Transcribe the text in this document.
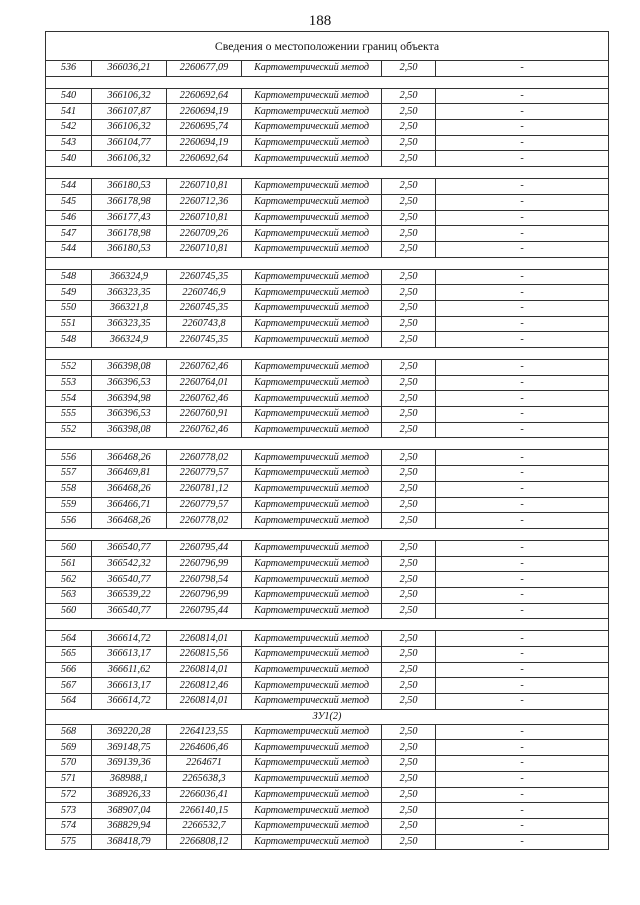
188
Сведения о местоположении границ объекта					
536	366036,21	2260677,09	Картометрический метод	2,50	-

540	366106,32	2260692,64	Картометрический метод	2,50	-
541	366107,87	2260694,19	Картометрический метод	2,50	-
542	366106,32	2260695,74	Картометрический метод	2,50	-
543	366104,77	2260694,19	Картометрический метод	2,50	-
540	366106,32	2260692,64	Картометрический метод	2,50	-

544	366180,53	2260710,81	Картометрический метод	2,50	-
545	366178,98	2260712,36	Картометрический метод	2,50	-
546	366177,43	2260710,81	Картометрический метод	2,50	-
547	366178,98	2260709,26	Картометрический метод	2,50	-
544	366180,53	2260710,81	Картометрический метод	2,50	-

548	366324,9	2260745,35	Картометрический метод	2,50	-
549	366323,35	2260746,9	Картометрический метод	2,50	-
550	366321,8	2260745,35	Картометрический метод	2,50	-
551	366323,35	2260743,8	Картометрический метод	2,50	-
548	366324,9	2260745,35	Картометрический метод	2,50	-

552	366398,08	2260762,46	Картометрический метод	2,50	-
553	366396,53	2260764,01	Картометрический метод	2,50	-
554	366394,98	2260762,46	Картометрический метод	2,50	-
555	366396,53	2260760,91	Картометрический метод	2,50	-
552	366398,08	2260762,46	Картометрический метод	2,50	-

556	366468,26	2260778,02	Картометрический метод	2,50	-
557	366469,81	2260779,57	Картометрический метод	2,50	-
558	366468,26	2260781,12	Картометрический метод	2,50	-
559	366466,71	2260779,57	Картометрический метод	2,50	-
556	366468,26	2260778,02	Картометрический метод	2,50	-

560	366540,77	2260795,44	Картометрический метод	2,50	-
561	366542,32	2260796,99	Картометрический метод	2,50	-
562	366540,77	2260798,54	Картометрический метод	2,50	-
563	366539,22	2260796,99	Картометрический метод	2,50	-
560	366540,77	2260795,44	Картометрический метод	2,50	-

564	366614,72	2260814,01	Картометрический метод	2,50	-
565	366613,17	2260815,56	Картометрический метод	2,50	-
566	366611,62	2260814,01	Картометрический метод	2,50	-
567	366613,17	2260812,46	Картометрический метод	2,50	-
564	366614,72	2260814,01	Картометрический метод	2,50	-
ЗУ1(2)					
568	369220,28	2264123,55	Картометрический метод	2,50	-
569	369148,75	2264606,46	Картометрический метод	2,50	-
570	369139,36	2264671	Картометрический метод	2,50	-
571	368988,1	2265638,3	Картометрический метод	2,50	-
572	368926,33	2266036,41	Картометрический метод	2,50	-
573	368907,04	2266140,15	Картометрический метод	2,50	-
574	368829,94	2266532,7	Картометрический метод	2,50	-
575	368418,79	2266808,12	Картометрический метод	2,50	-
